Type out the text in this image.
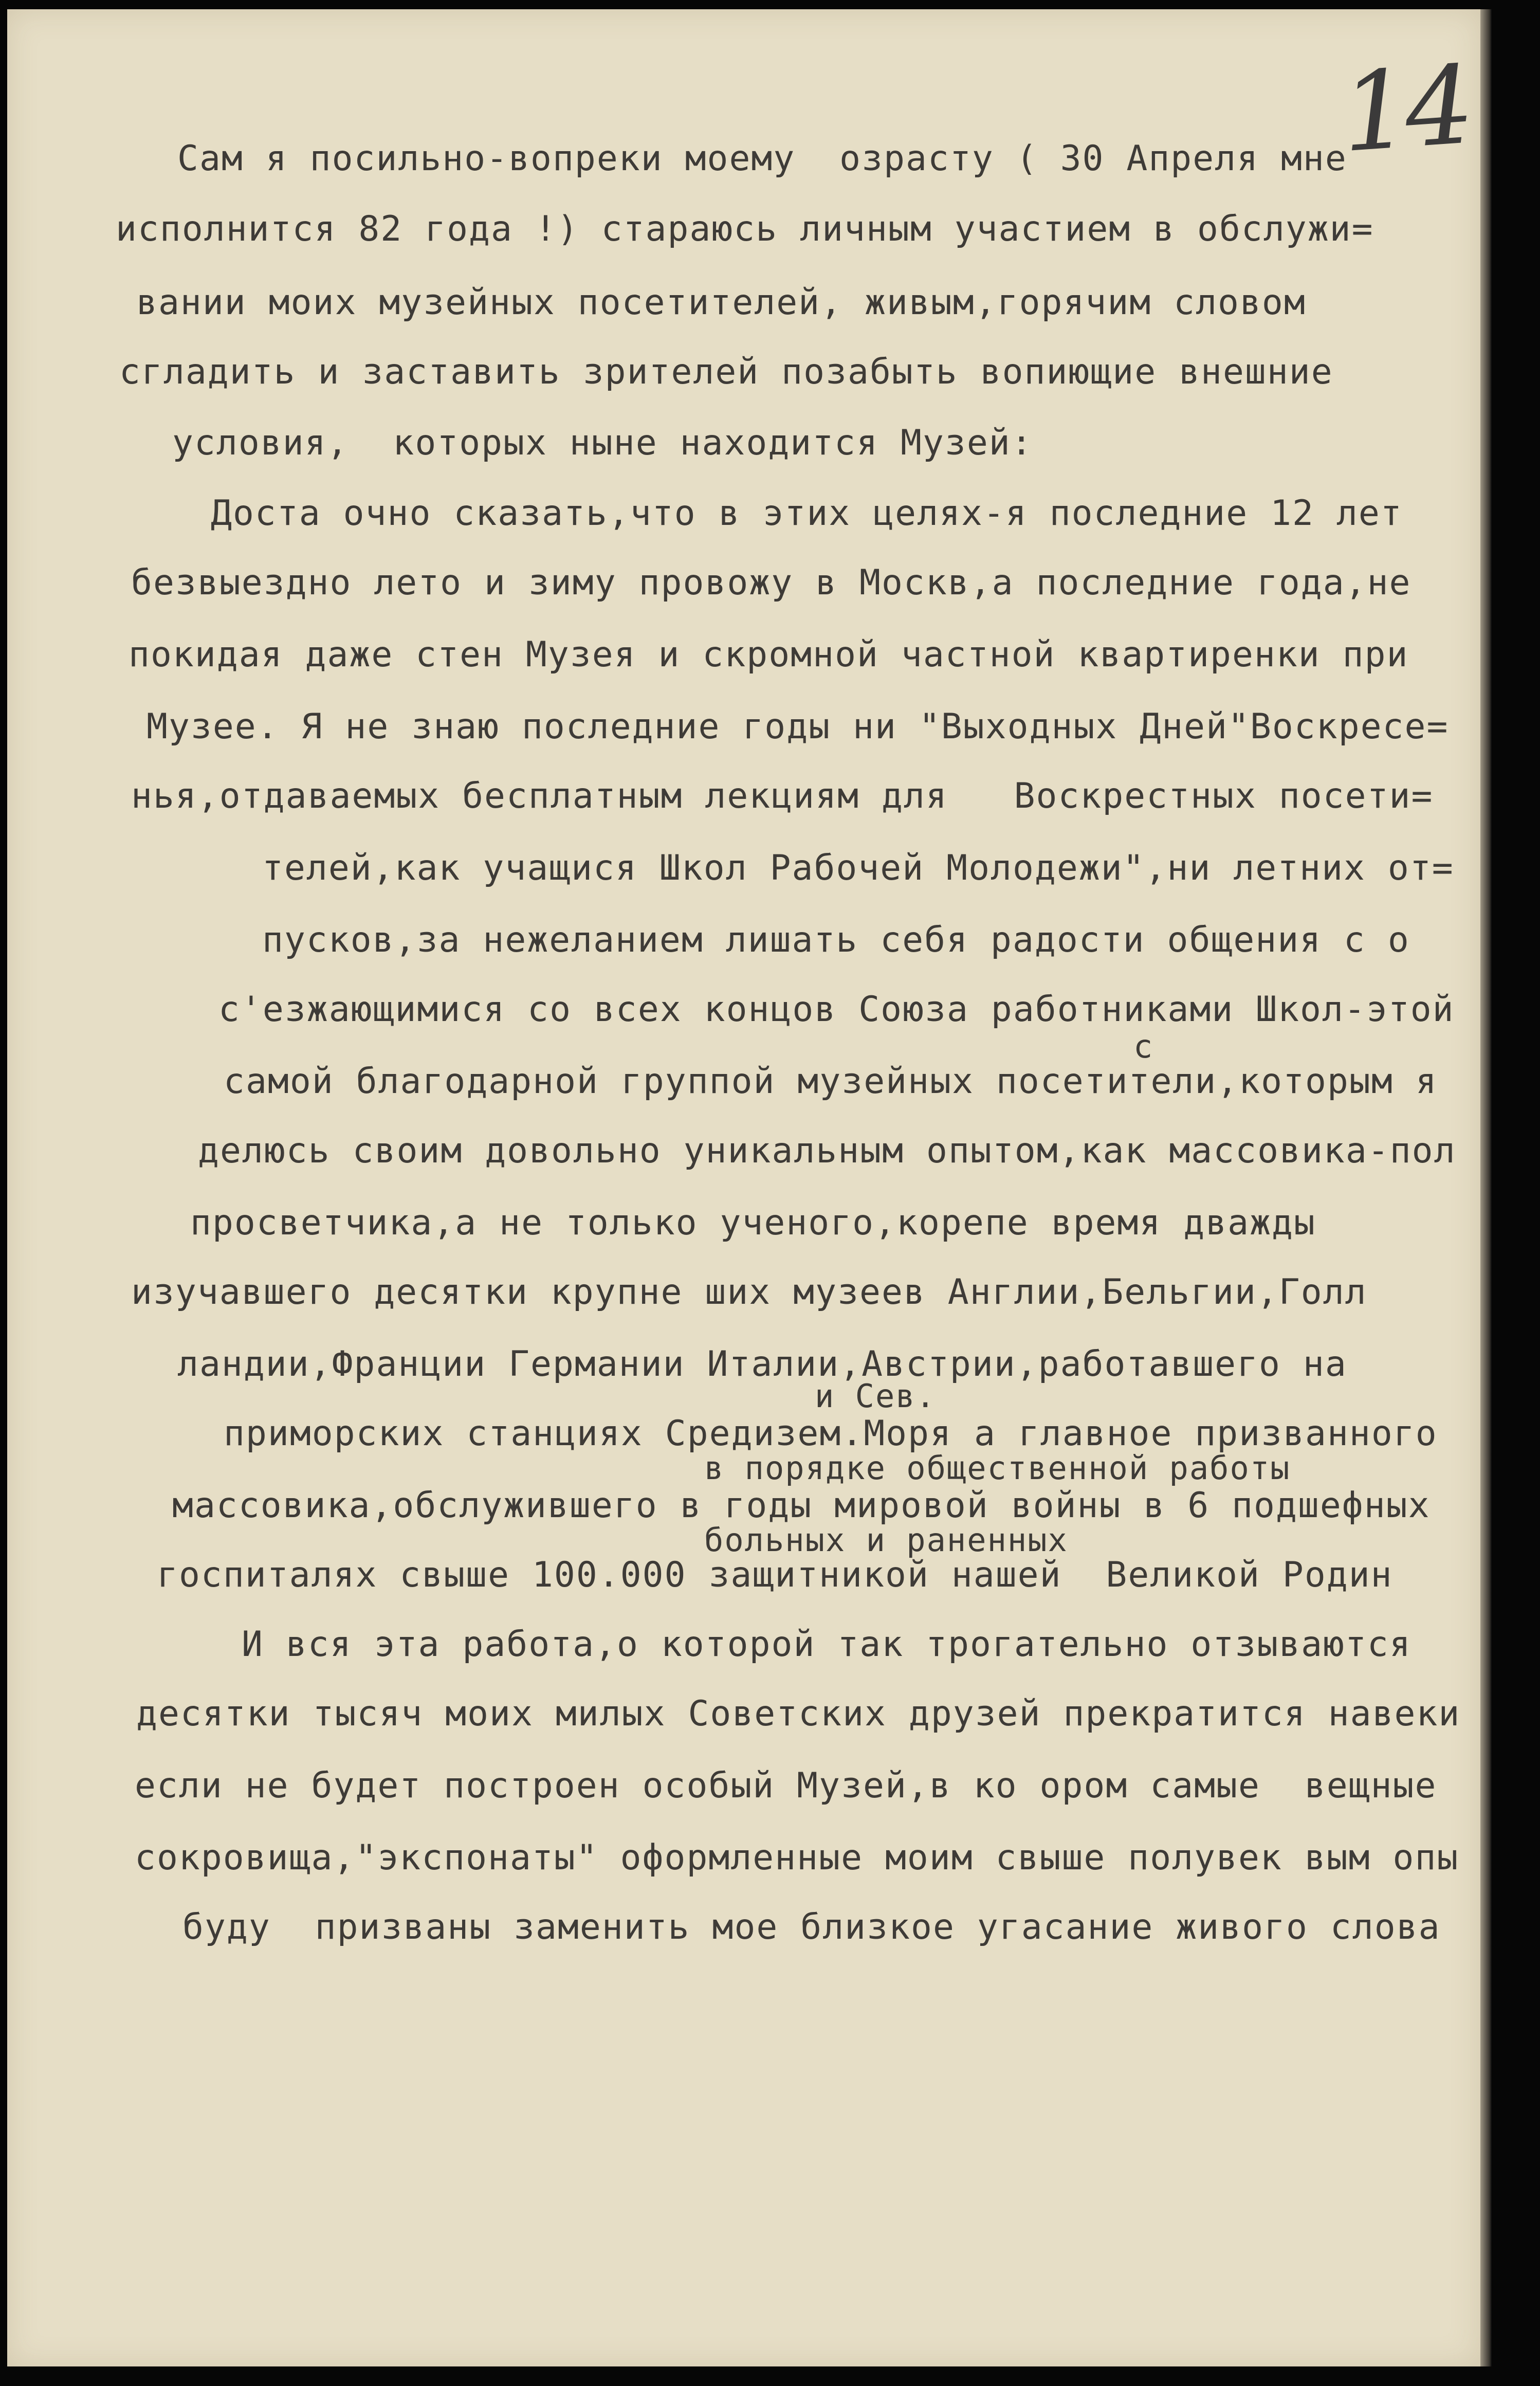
14
Сам я посильно-вопреки моему  озрасту ( 30 Апреля мне
исполнится 82 года !) стараюсь личным участием в обслужи=
вании моих музейных посетителей, живым,горячим словом
сгладить и заставить зрителей позабыть вопиющие внешние
условия,  которых ныне находится Музей:
Доста очно сказать,что в этих целях-я последние 12 лет
безвыездно лето и зиму провожу в Москв,а последние года,не
покидая даже стен Музея и скромной частной квартиренки при
Музее. Я не знаю последние годы ни "Выходных Дней"Воскресе=
нья,отдаваемых бесплатным лекциям для   Воскрестных посети=
телей,как учащися Школ Рабочей Молодежи",ни летних от=
пусков,за нежеланием лишать себя радости общения с о
с'езжающимися со всех концов Союза работниками Школ-этой
с
самой благодарной группой музейных посетители,которым я
делюсь своим довольно уникальным опытом,как массовика-пол
просветчика,а не только ученого,корепе время дважды
изучавшего десятки крупне ших музеев Англии,Бельгии,Голл
ландии,Франции Германии Италии,Австрии,работавшего на
и Сев.
приморских станциях Средизем.Моря а главное призванного
в порядке общественной работы
массовика,обслужившего в годы мировой войны в 6 подшефных
больных и раненных
госпиталях свыше 100.000 защитникой нашей  Великой Родин
И вся эта работа,о которой так трогательно отзываются
десятки тысяч моих милых Советских друзей прекратится навеки
если не будет построен особый Музей,в ко ором самые  вещные
сокровища,"экспонаты" оформленные моим свыше полувек вым опы
буду  призваны заменить мое близкое угасание живого слова
